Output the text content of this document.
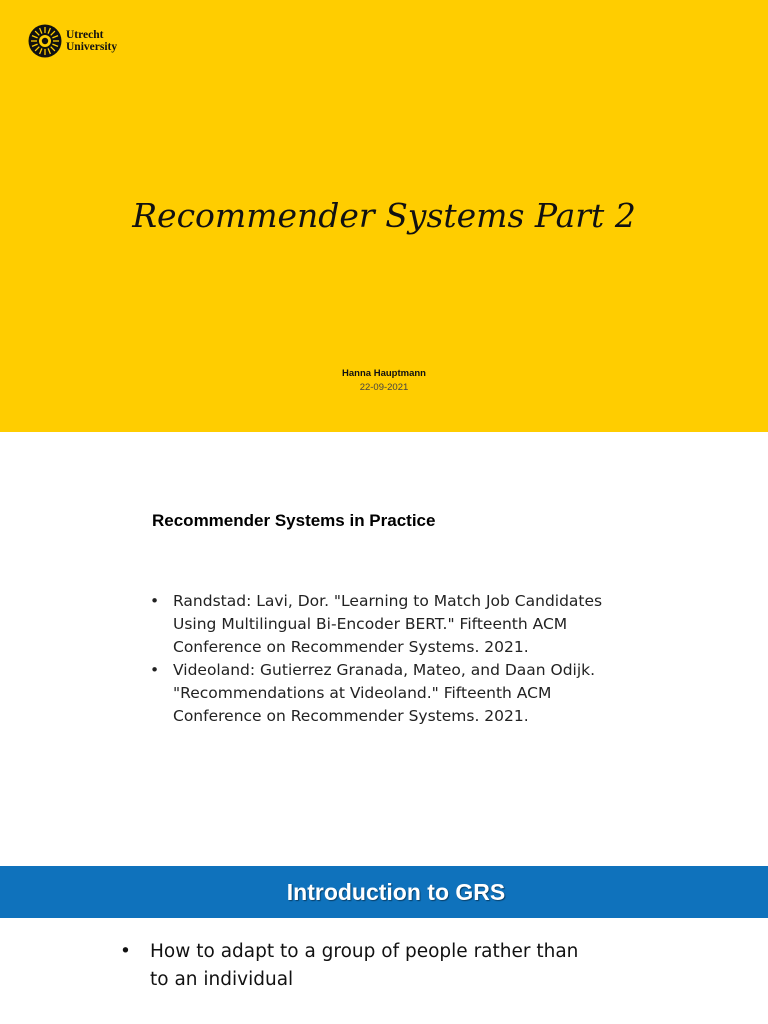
Utrecht
University
Recommender Systems Part 2
Hanna Hauptmann
22-09-2021
Recommender Systems in Practice
• Randstad: Lavi, Dor. "Learning to Match Job Candidates
Using Multilingual Bi-Encoder BERT." Fifteenth ACM
Conference on Recommender Systems. 2021.
• Videoland: Gutierrez Granada, Mateo, and Daan Odijk.
"Recommendations at Videoland." Fifteenth ACM
Conference on Recommender Systems. 2021.
Introduction to GRS
• How to adapt to a group of people rather than
to an individual
